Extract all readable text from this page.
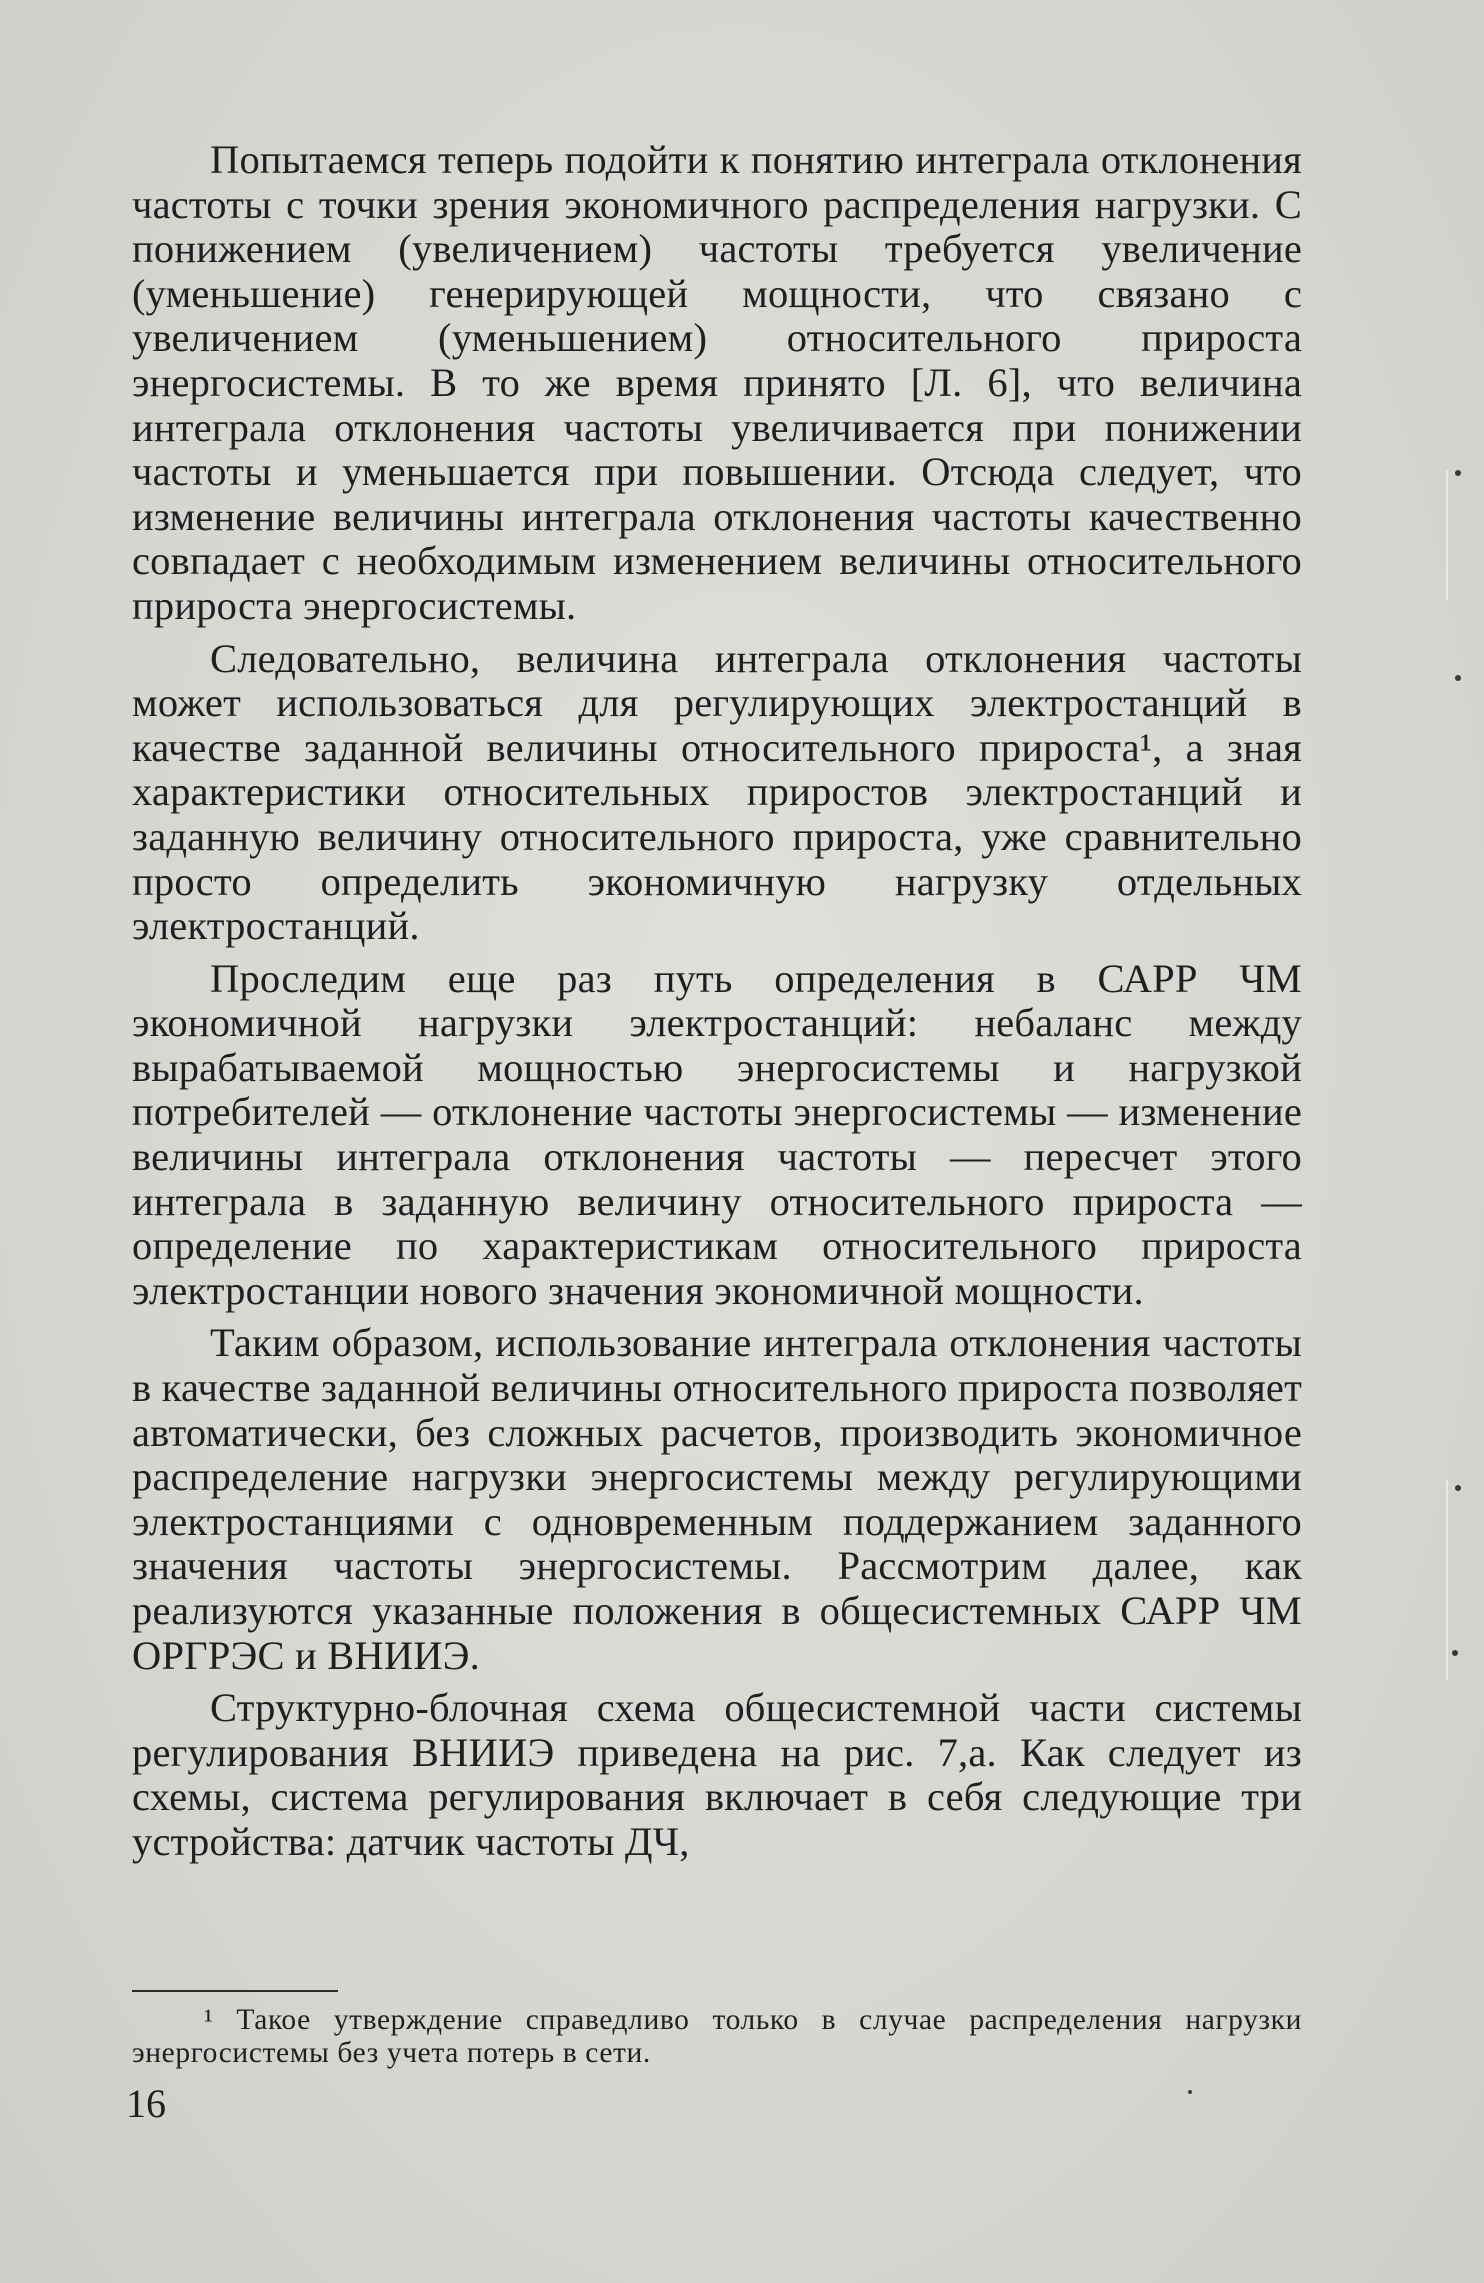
Попытаемся теперь подойти к понятию интеграла отклонения частоты с точки зрения экономичного распределения нагрузки. С понижением (увеличением) частоты требуется увеличение (уменьшение) генерирующей мощности, что связано с увеличением (уменьшением) относительного прироста энергосистемы. В то же время принято [Л. 6], что величина интеграла отклонения частоты увеличивается при понижении частоты и уменьшается при повышении. Отсюда следует, что изменение величины интеграла отклонения частоты качественно совпадает с необходимым изменением величины относительного прироста энергосистемы.

Следовательно, величина интеграла отклонения частоты может использоваться для регулирующих электростанций в качестве заданной величины относительного прироста¹, а зная характеристики относительных приростов электростанций и заданную величину относительного прироста, уже сравнительно просто определить экономичную нагрузку отдельных электростанций.

Проследим еще раз путь определения в САРР ЧМ экономичной нагрузки электростанций: небаланс между вырабатываемой мощностью энергосистемы и нагрузкой потребителей — отклонение частоты энергосистемы — изменение величины интеграла отклонения частоты — пересчет этого интеграла в заданную величину относительного прироста — определение по характеристикам относительного прироста электростанции нового значения экономичной мощности.

Таким образом, использование интеграла отклонения частоты в качестве заданной величины относительного прироста позволяет автоматически, без сложных расчетов, производить экономичное распределение нагрузки энергосистемы между регулирующими электростанциями с одновременным поддержанием заданного значения частоты энергосистемы. Рассмотрим далее, как реализуются указанные положения в общесистемных САРР ЧМ ОРГРЭС и ВНИИЭ.

Структурно-блочная схема общесистемной части системы регулирования ВНИИЭ приведена на рис. 7,а. Как следует из схемы, система регулирования включает в себя следующие три устройства: датчик частоты ДЧ,

¹ Такое утверждение справедливо только в случае распределения нагрузки энергосистемы без учета потерь в сети.
16
